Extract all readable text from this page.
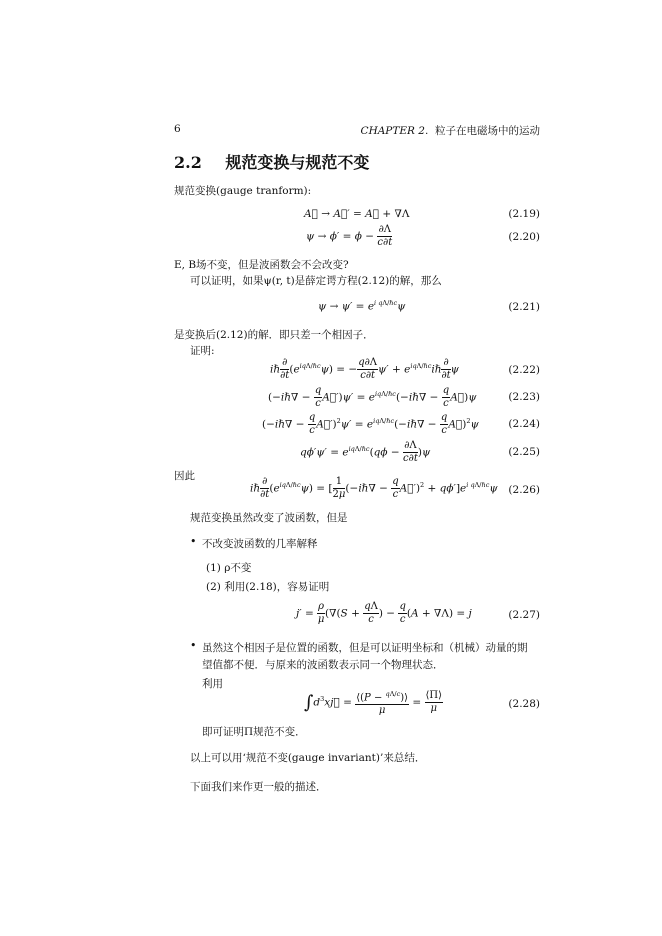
6	CHAPTER 2. 粒子在电磁场中的运动
2.2 规范变换与规范不变
规范变换(gauge tranform):
A⃗ → A⃗′ = A⃗ + ∇Λ	(2.19)
$\psi \to \phi' = \phi - \frac{\partial\Lambda}{c\partial t}$	(2.20)
E, B场不变，但是波函数会不会改变?
可以证明，如果ψ(r, t)是薛定谔方程(2.12)的解，那么
$\psi \to \psi' = e^{i q\Lambda/\hbar c}\psi$	(2.21)
是变换后(2.12)的解．即只差一个相因子．
证明:
iℏ $\frac{\partial}{\partial t} (e^{iq\Lambda/\hbar c}\psi)$ = − $\frac{q\partial\Lambda}{c\partial t} \psi'$ + $e^{iq\Lambda/\hbar c}i\hbar \frac{\partial}{\partial t}$ ψ	(2.22)
(−iℏ∇ − $\frac{q}{c}$ A⃗′)ψ′ = $e^{iq\Lambda/\hbar c}(-i\hbar\nabla - \frac{q}{c}$ A⃗)ψ	(2.23)
(−iℏ∇ − $\frac{q}{c}$ A⃗′)$^2$ψ′ = $e^{iq\Lambda/\hbar c}(-i\hbar\nabla - \frac{q}{c}$ A⃗)$^2$ψ	(2.24)
$q\phi'\psi' = e^{iq\Lambda/\hbar c}(q\phi - \frac{\partial\Lambda}{c\partial t} )\psi$	(2.25)
因此
iℏ $\frac{\partial}{\partial t} (e^{iq\Lambda/\hbar c}\psi)$ = [ $\frac{1}{2\mu}$ (−iℏ∇ − $\frac{q}{c}$ A⃗′)$^2$ + $q\phi']e^{i q\Lambda/\hbar c}\psi$ (2.26)
规范变换虽然改变了波函数，但是
• 不改变波函数的几率解释
(1) ρ不变
(2) 利用(2.18)，容易证明
$j' = \frac{\rho}{\mu} (\nabla(S + \frac{q\Lambda}{c}$ ) − $\frac{q}{c} (A + \nabla\Lambda) = j$	(2.27)
• 虽然这个相因子是位置的函数，但是可以证明坐标和（机械）动量的期
望值都不便．与原来的波函数表示同一个物理状态．
利用
$\int d^3xj⃗ = \frac{⟨(P - ^{q\Lambda/c})⟩}{\mu} = \frac{⟨\Pi⟩}{\mu}$	(2.28)
即可证明Π规范不变．
以上可以用‘规范不变(gauge invariant)’来总结．
下面我们来作更一般的描述．
